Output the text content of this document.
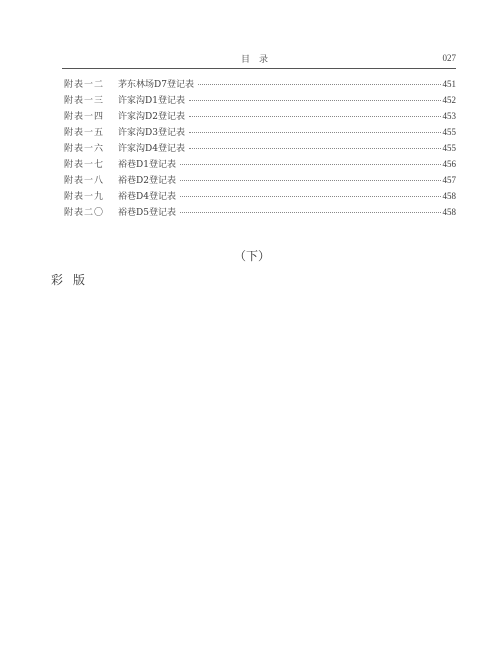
目录	027
附表一二	茅东林场D7登记表	451
附表一三	许家沟D1登记表	452
附表一四	许家沟D2登记表	453
附表一五	许家沟D3登记表	455
附表一六	许家沟D4登记表	455
附表一七	裕巷D1登记表	456
附表一八	裕巷D2登记表	457
附表一九	裕巷D4登记表	458
附表二〇	裕巷D5登记表	458
（下）
彩版
